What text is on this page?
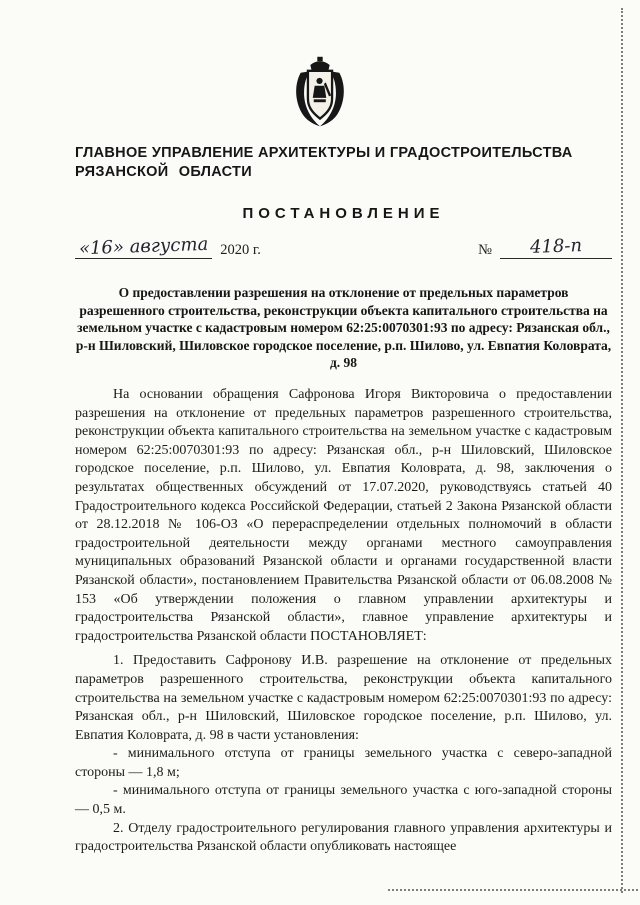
ГЛАВНОЕ УПРАВЛЕНИЕ АРХИТЕКТУРЫ И ГРАДОСТРОИТЕЛЬСТВА
РЯЗАНСКОЙ ОБЛАСТИ
ПОСТАНОВЛЕНИЕ
«16» августа 2020 г.	№	418-п
О предоставлении разрешения на отклонение от предельных параметров разрешенного строительства, реконструкции объекта капитального строительства на земельном участке с кадастровым номером 62:25:0070301:93 по адресу: Рязанская обл., р-н Шиловский, Шиловское городское поселение, р.п. Шилово, ул. Евпатия Коловрата, д. 98

На основании обращения Сафронова Игоря Викторовича о предоставлении разрешения на отклонение от предельных параметров разрешенного строительства, реконструкции объекта капитального строительства на земельном участке с кадастровым номером 62:25:0070301:93 по адресу: Рязанская обл., р-н Шиловский, Шиловское городское поселение, р.п. Шилово, ул. Евпатия Коловрата, д. 98, заключения о результатах общественных обсуждений от 17.07.2020, руководствуясь статьей 40 Градостроительного кодекса Российской Федерации, статьей 2 Закона Рязанской области от 28.12.2018 № 106-ОЗ «О перераспределении отдельных полномочий в области градостроительной деятельности между органами местного самоуправления муниципальных образований Рязанской области и органами государственной власти Рязанской области», постановлением Правительства Рязанской области от 06.08.2008 № 153 «Об утверждении положения о главном управлении архитектуры и градостроительства Рязанской области», главное управление архитектуры и градостроительства Рязанской области ПОСТАНОВЛЯЕТ:

1. Предоставить Сафронову И.В. разрешение на отклонение от предельных параметров разрешенного строительства, реконструкции объекта капитального строительства на земельном участке с кадастровым номером 62:25:0070301:93 по адресу: Рязанская обл., р-н Шиловский, Шиловское городское поселение, р.п. Шилово, ул. Евпатия Коловрата, д. 98 в части установления:

- минимального отступа от границы земельного участка с северо-западной стороны — 1,8 м;

- минимального отступа от границы земельного участка с юго-западной стороны — 0,5 м.

2. Отделу градостроительного регулирования главного управления архитектуры и градостроительства Рязанской области опубликовать настоящее
